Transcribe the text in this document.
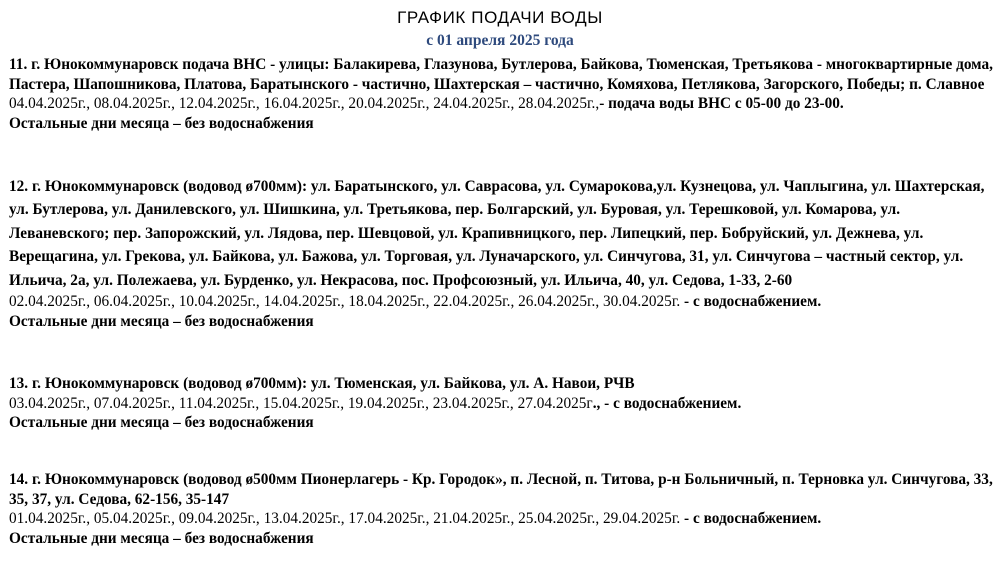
ГРАФИК ПОДАЧИ ВОДЫ
с 01 апреля 2025 года

11. г. Юнокоммунаровск подача ВНС - улицы: Балакирева, Глазунова, Бутлерова, Байкова, Тюменская, Третьякова - многоквартирные дома, Пастера, Шапошникова, Платова, Баратынского - частично, Шахтерская – частично, Комяхова, Петлякова, Загорского, Победы; п. Славное

04.04.2025г., 08.04.2025г., 12.04.2025г., 16.04.2025г., 20.04.2025г., 24.04.2025г., 28.04.2025г.,- подача воды ВНС с 05-00 до 23-00.

Остальные дни месяца – без водоснабжения

12. г. Юнокоммунаровск (водовод ø700мм): ул. Баратынского, ул. Саврасова, ул. Сумарокова,ул. Кузнецова, ул. Чаплыгина, ул. Шахтерская, ул. Бутлерова, ул. Данилевского, ул. Шишкина, ул. Третьякова, пер. Болгарский, ул. Буровая, ул. Терешковой, ул. Комарова, ул. Леваневского; пер. Запорожский, ул. Лядова, пер. Шевцовой, ул. Крапивницкого, пер. Липецкий, пер. Бобруйский, ул. Дежнева, ул. Верещагина, ул. Грекова, ул. Байкова, ул. Бажова, ул. Торговая, ул. Луначарского, ул. Синчугова, 31, ул. Синчугова – частный сектор, ул. Ильича, 2а, ул. Полежаева, ул. Бурденко, ул. Некрасова, пос. Профсоюзный, ул. Ильича, 40, ул. Седова, 1-33, 2-60

02.04.2025г., 06.04.2025г., 10.04.2025г., 14.04.2025г., 18.04.2025г., 22.04.2025г., 26.04.2025г., 30.04.2025г. - с водоснабжением.

Остальные дни месяца – без водоснабжения

13. г. Юнокоммунаровск (водовод ø700мм): ул. Тюменская, ул. Байкова, ул. А. Навои, РЧВ

03.04.2025г., 07.04.2025г., 11.04.2025г., 15.04.2025г., 19.04.2025г., 23.04.2025г., 27.04.2025г., - с водоснабжением.

Остальные дни месяца – без водоснабжения

14. г. Юнокоммунаровск (водовод ø500мм Пионерлагерь - Кр. Городок», п. Лесной, п. Титова, р-н Больничный, п. Терновка ул. Синчугова, 33, 35, 37, ул. Седова, 62-156, 35-147

01.04.2025г., 05.04.2025г., 09.04.2025г., 13.04.2025г., 17.04.2025г., 21.04.2025г., 25.04.2025г., 29.04.2025г. - с водоснабжением.

Остальные дни месяца – без водоснабжения
